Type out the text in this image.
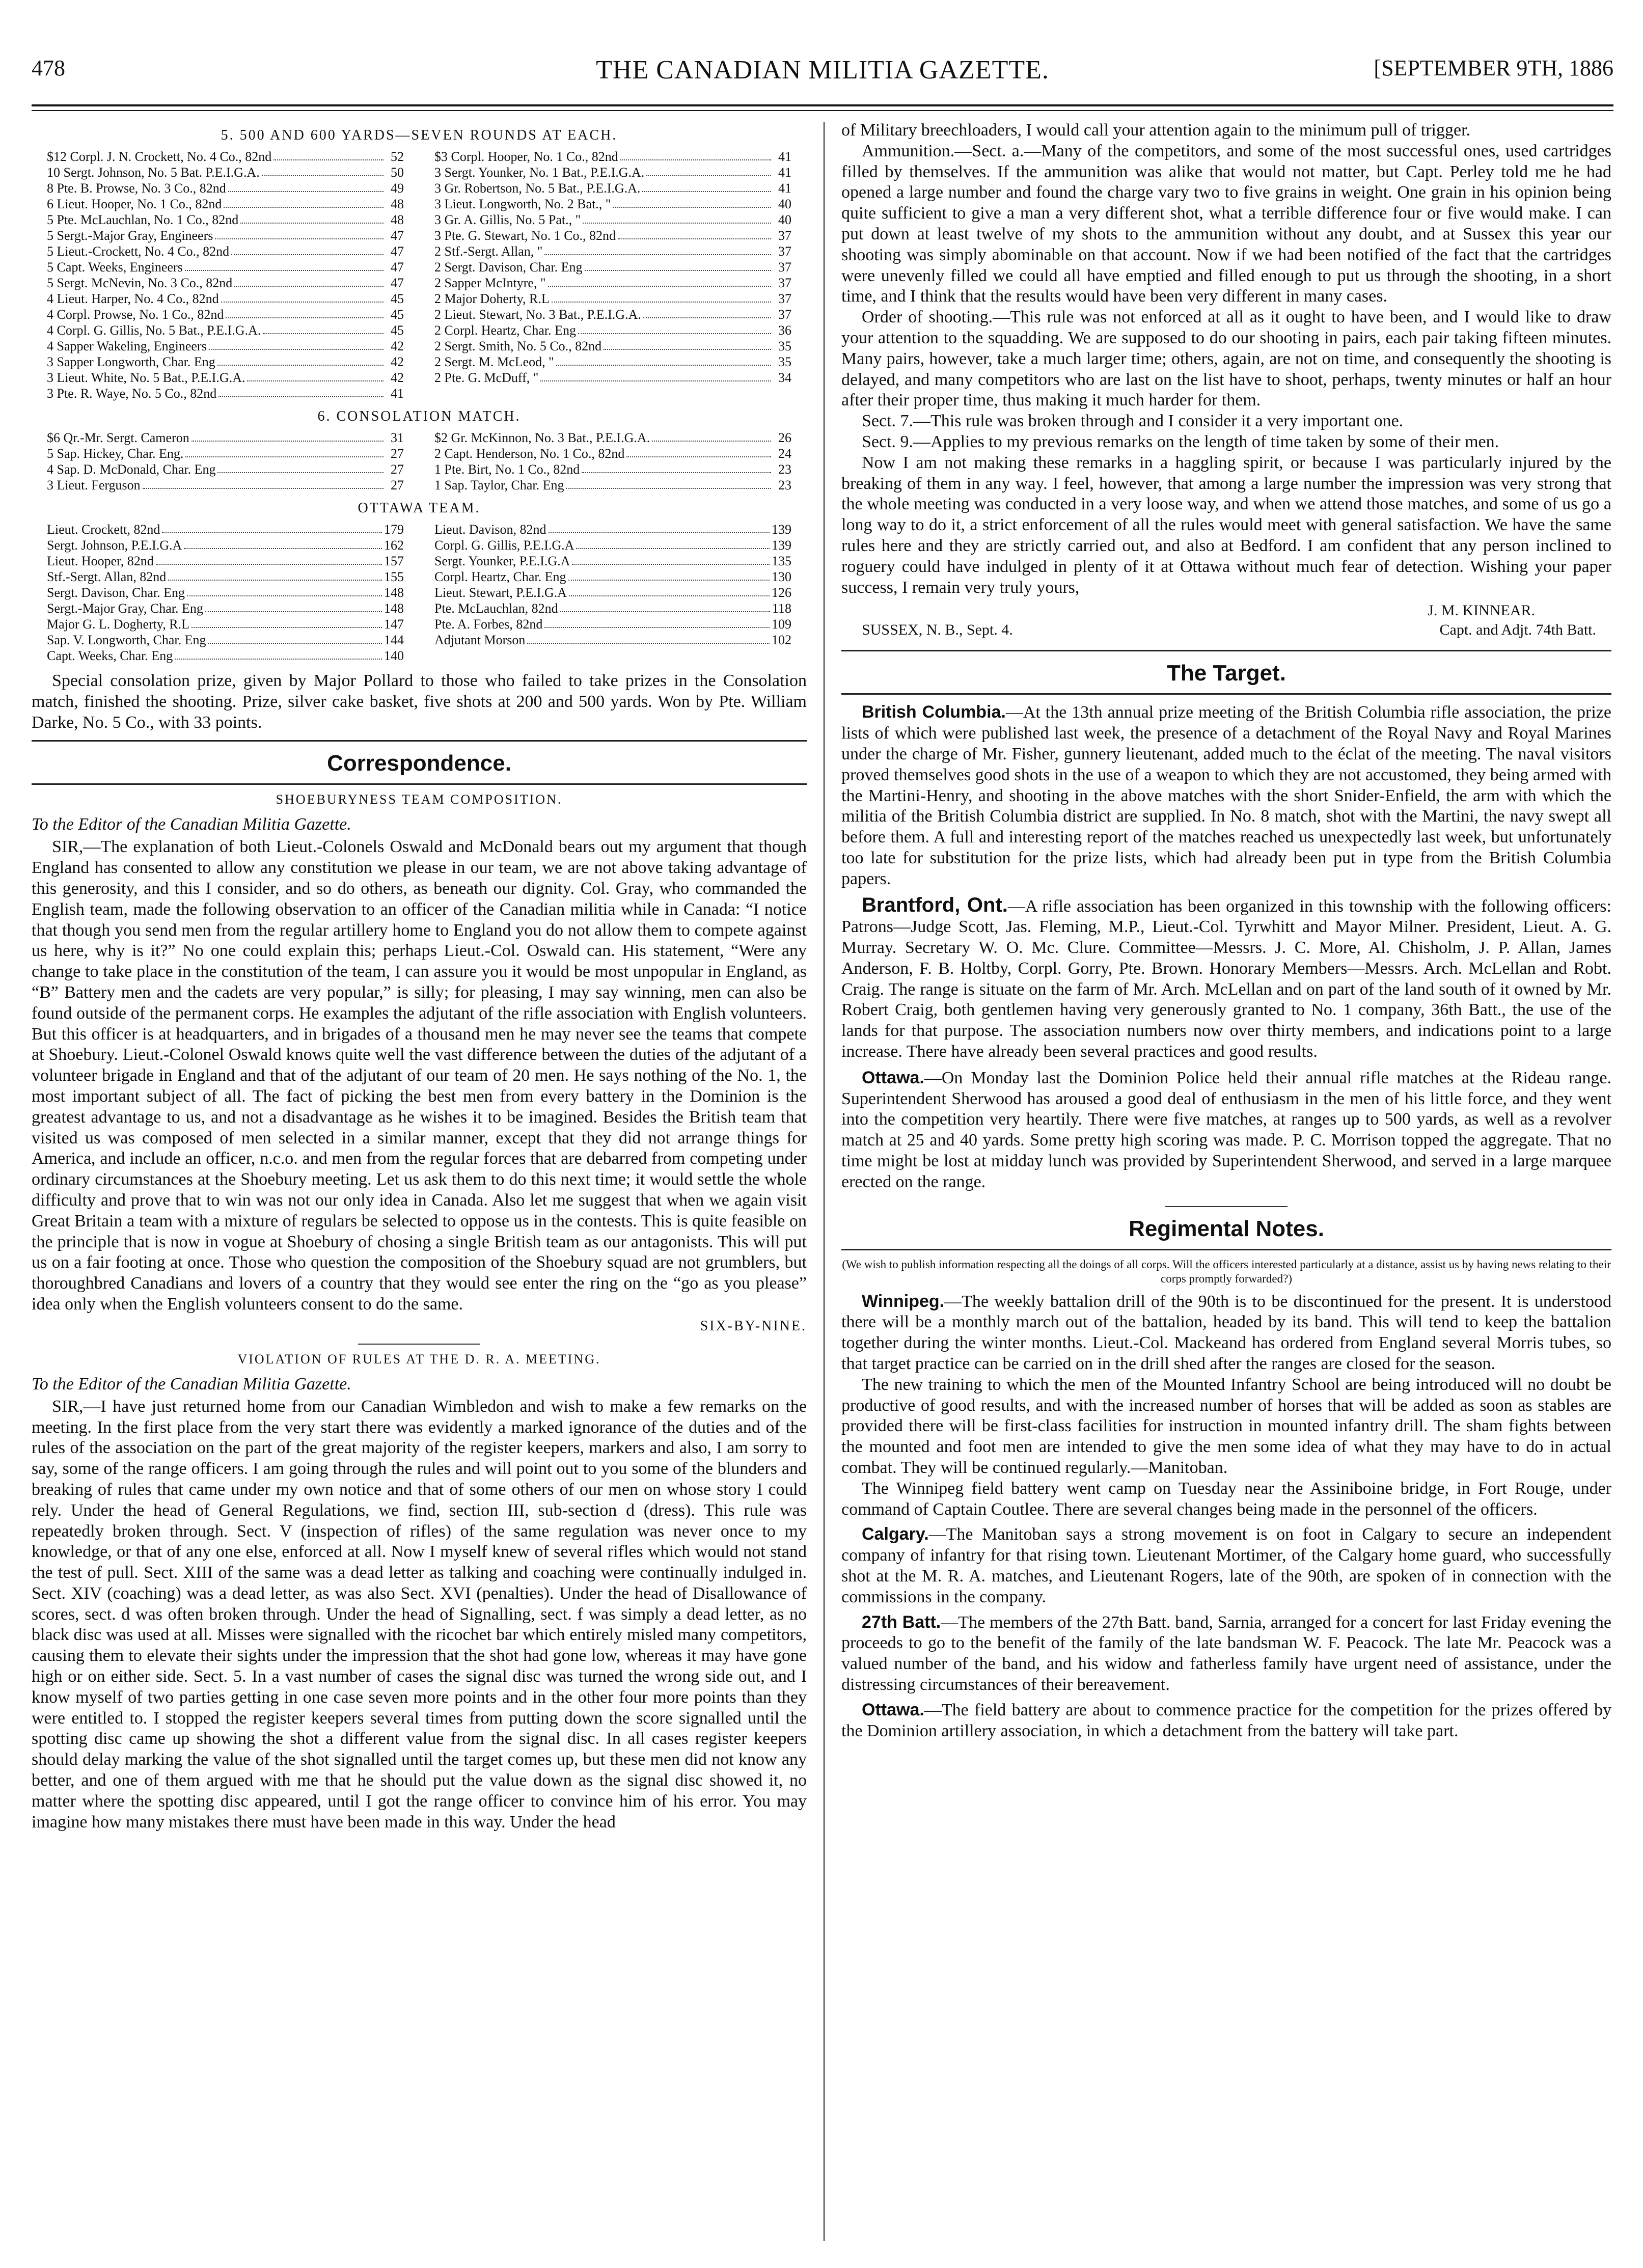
478	THE CANADIAN MILITIA GAZETTE.	[SEPTEMBER 9TH, 1886
5. 500 AND 600 YARDS—SEVEN ROUNDS AT EACH.
$12 Corpl. J. N. Crockett, No. 4 Co., 82nd	52
10 Sergt. Johnson, No. 5 Bat. P.E.I.G.A.	50
8 Pte. B. Prowse, No. 3 Co., 82nd	49
6 Lieut. Hooper, No. 1 Co., 82nd	48
5 Pte. McLauchlan, No. 1 Co., 82nd	48
5 Sergt.-Major Gray, Engineers	47
5 Lieut.-Crockett, No. 4 Co., 82nd	47
5 Capt. Weeks, Engineers	47
5 Sergt. McNevin, No. 3 Co., 82nd	47
4 Lieut. Harper, No. 4 Co., 82nd	45
4 Corpl. Prowse, No. 1 Co., 82nd	45
4 Corpl. G. Gillis, No. 5 Bat., P.E.I.G.A.	45
4 Sapper Wakeling, Engineers	42
3 Sapper Longworth, Char. Eng	42
3 Lieut. White, No. 5 Bat., P.E.I.G.A.	42
3 Pte. R. Waye, No. 5 Co., 82nd	41
$3 Corpl. Hooper, No. 1 Co., 82nd	41
3 Sergt. Younker, No. 1 Bat., P.E.I.G.A.	41
3 Gr. Robertson, No. 5 Bat., P.E.I.G.A.	41
3 Lieut. Longworth, No. 2 Bat., "	40
3 Gr. A. Gillis, No. 5 Pat., "	40
3 Pte. G. Stewart, No. 1 Co., 82nd	37
2 Stf.-Sergt. Allan, "	37
2 Sergt. Davison, Char. Eng	37
2 Sapper McIntyre, "	37
2 Major Doherty, R.L	37
2 Lieut. Stewart, No. 3 Bat., P.E.I.G.A.	37
2 Corpl. Heartz, Char. Eng	36
2 Sergt. Smith, No. 5 Co., 82nd	35
2 Sergt. M. McLeod, "	35
2 Pte. G. McDuff, "	34
6. CONSOLATION MATCH.
$6 Qr.-Mr. Sergt. Cameron	31
5 Sap. Hickey, Char. Eng.	27
4 Sap. D. McDonald, Char. Eng	27
3 Lieut. Ferguson	27
$2 Gr. McKinnon, No. 3 Bat., P.E.I.G.A.	26
2 Capt. Henderson, No. 1 Co., 82nd	24
1 Pte. Birt, No. 1 Co., 82nd	23
1 Sap. Taylor, Char. Eng	23
OTTAWA TEAM.
Lieut. Crockett, 82nd	179
Sergt. Johnson, P.E.I.G.A	162
Lieut. Hooper, 82nd	157
Stf.-Sergt. Allan, 82nd	155
Sergt. Davison, Char. Eng	148
Sergt.-Major Gray, Char. Eng	148
Major G. L. Dogherty, R.L	147
Sap. V. Longworth, Char. Eng	144
Capt. Weeks, Char. Eng	140
Lieut. Davison, 82nd	139
Corpl. G. Gillis, P.E.I.G.A	139
Sergt. Younker, P.E.I.G.A	135
Corpl. Heartz, Char. Eng	130
Lieut. Stewart, P.E.I.G.A	126
Pte. McLauchlan, 82nd	118
Pte. A. Forbes, 82nd	109
Adjutant Morson	102

Special consolation prize, given by Major Pollard to those who failed to take prizes in the Consolation match, finished the shooting. Prize, silver cake basket, five shots at 200 and 500 yards. Won by Pte. William Darke, No. 5 Co., with 33 points.

Correspondence.
SHOEBURYNESS TEAM COMPOSITION.
To the Editor of the Canadian Militia Gazette.

SIR,—The explanation of both Lieut.-Colonels Oswald and McDonald bears out my argument that though England has consented to allow any constitution we please in our team, we are not above taking advantage of this generosity, and this I consider, and so do others, as beneath our dignity. Col. Gray, who commanded the English team, made the following observation to an officer of the Canadian militia while in Canada: “I notice that though you send men from the regular artillery home to England you do not allow them to compete against us here, why is it?” No one could explain this; perhaps Lieut.-Col. Oswald can. His statement, “Were any change to take place in the constitution of the team, I can assure you it would be most unpopular in England, as “B” Battery men and the cadets are very popular,” is silly; for pleasing, I may say winning, men can also be found outside of the permanent corps. He examples the adjutant of the rifle association with English volunteers. But this officer is at headquarters, and in brigades of a thousand men he may never see the teams that compete at Shoebury. Lieut.-Colonel Oswald knows quite well the vast difference between the duties of the adjutant of a volunteer brigade in England and that of the adjutant of our team of 20 men. He says nothing of the No. 1, the most important subject of all. The fact of picking the best men from every battery in the Dominion is the greatest advantage to us, and not a disadvantage as he wishes it to be imagined. Besides the British team that visited us was composed of men selected in a similar manner, except that they did not arrange things for America, and include an officer, n.c.o. and men from the regular forces that are debarred from competing under ordinary circumstances at the Shoebury meeting. Let us ask them to do this next time; it would settle the whole difficulty and prove that to win was not our only idea in Canada. Also let me suggest that when we again visit Great Britain a team with a mixture of regulars be selected to oppose us in the contests. This is quite feasible on the principle that is now in vogue at Shoebury of chosing a single British team as our antagonists. This will put us on a fair footing at once. Those who question the composition of the Shoebury squad are not grumblers, but thoroughbred Canadians and lovers of a country that they would see enter the ring on the “go as you please” idea only when the English volunteers consent to do the same.

SIX-BY-NINE.
VIOLATION OF RULES AT THE D. R. A. MEETING.
To the Editor of the Canadian Militia Gazette.

SIR,—I have just returned home from our Canadian Wimbledon and wish to make a few remarks on the meeting. In the first place from the very start there was evidently a marked ignorance of the duties and of the rules of the association on the part of the great majority of the register keepers, markers and also, I am sorry to say, some of the range officers. I am going through the rules and will point out to you some of the blunders and breaking of rules that came under my own notice and that of some others of our men on whose story I could rely. Under the head of General Regulations, we find, section III, sub-section d (dress). This rule was repeatedly broken through. Sect. V (inspection of rifles) of the same regulation was never once to my knowledge, or that of any one else, enforced at all. Now I myself knew of several rifles which would not stand the test of pull. Sect. XIII of the same was a dead letter as talking and coaching were continually indulged in. Sect. XIV (coaching) was a dead letter, as was also Sect. XVI (penalties). Under the head of Disallowance of scores, sect. d was often broken through. Under the head of Signalling, sect. f was simply a dead letter, as no black disc was used at all. Misses were signalled with the ricochet bar which entirely misled many competitors, causing them to elevate their sights under the impression that the shot had gone low, whereas it may have gone high or on either side. Sect. 5. In a vast number of cases the signal disc was turned the wrong side out, and I know myself of two parties getting in one case seven more points and in the other four more points than they were entitled to. I stopped the register keepers several times from putting down the score signalled until the spotting disc came up showing the shot a different value from the signal disc. In all cases register keepers should delay marking the value of the shot signalled until the target comes up, but these men did not know any better, and one of them argued with me that he should put the value down as the signal disc showed it, no matter where the spotting disc appeared, until I got the range officer to convince him of his error. You may imagine how many mistakes there must have been made in this way. Under the head

of Military breechloaders, I would call your attention again to the minimum pull of trigger.

Ammunition.—Sect. a.—Many of the competitors, and some of the most successful ones, used cartridges filled by themselves. If the ammunition was alike that would not matter, but Capt. Perley told me he had opened a large number and found the charge vary two to five grains in weight. One grain in his opinion being quite sufficient to give a man a very different shot, what a terrible difference four or five would make. I can put down at least twelve of my shots to the ammunition without any doubt, and at Sussex this year our shooting was simply abominable on that account. Now if we had been notified of the fact that the cartridges were unevenly filled we could all have emptied and filled enough to put us through the shooting, in a short time, and I think that the results would have been very different in many cases.

Order of shooting.—This rule was not enforced at all as it ought to have been, and I would like to draw your attention to the squadding. We are supposed to do our shooting in pairs, each pair taking fifteen minutes. Many pairs, however, take a much larger time; others, again, are not on time, and consequently the shooting is delayed, and many competitors who are last on the list have to shoot, perhaps, twenty minutes or half an hour after their proper time, thus making it much harder for them.

Sect. 7.—This rule was broken through and I consider it a very important one.

Sect. 9.—Applies to my previous remarks on the length of time taken by some of their men.

Now I am not making these remarks in a haggling spirit, or because I was particularly injured by the breaking of them in any way. I feel, however, that among a large number the impression was very strong that the whole meeting was conducted in a very loose way, and when we attend those matches, and some of us go a long way to do it, a strict enforcement of all the rules would meet with general satisfaction. We have the same rules here and they are strictly carried out, and also at Bedford. I am confident that any person inclined to roguery could have indulged in plenty of it at Ottawa without much fear of detection. Wishing your paper success, I remain very truly yours,

J. M. KINNEAR.
SUSSEX, N. B., Sept. 4.	Capt. and Adjt. 74th Batt.
The Target.

British Columbia.—At the 13th annual prize meeting of the British Columbia rifle association, the prize lists of which were published last week, the presence of a detachment of the Royal Navy and Royal Marines under the charge of Mr. Fisher, gunnery lieutenant, added much to the éclat of the meeting. The naval visitors proved themselves good shots in the use of a weapon to which they are not accustomed, they being armed with the Martini-Henry, and shooting in the above matches with the short Snider-Enfield, the arm with which the militia of the British Columbia district are supplied. In No. 8 match, shot with the Martini, the navy swept all before them. A full and interesting report of the matches reached us unexpectedly last week, but unfortunately too late for substitution for the prize lists, which had already been put in type from the British Columbia papers.

Brantford, Ont.—A rifle association has been organized in this township with the following officers: Patrons—Judge Scott, Jas. Fleming, M.P., Lieut.-Col. Tyrwhitt and Mayor Milner. President, Lieut. A. G. Murray. Secretary W. O. Mc. Clure. Committee—Messrs. J. C. More, Al. Chisholm, J. P. Allan, James Anderson, F. B. Holtby, Corpl. Gorry, Pte. Brown. Honorary Members—Messrs. Arch. McLellan and Robt. Craig. The range is situate on the farm of Mr. Arch. McLellan and on part of the land south of it owned by Mr. Robert Craig, both gentlemen having very generously granted to No. 1 company, 36th Batt., the use of the lands for that purpose. The association numbers now over thirty members, and indications point to a large increase. There have already been several practices and good results.

Ottawa.—On Monday last the Dominion Police held their annual rifle matches at the Rideau range. Superintendent Sherwood has aroused a good deal of enthusiasm in the men of his little force, and they went into the competition very heartily. There were five matches, at ranges up to 500 yards, as well as a revolver match at 25 and 40 yards. Some pretty high scoring was made. P. C. Morrison topped the aggregate. That no time might be lost at midday lunch was provided by Superintendent Sherwood, and served in a large marquee erected on the range.

Regimental Notes.
(We wish to publish information respecting all the doings of all corps. Will the officers interested particularly at a distance, assist us by having news relating to their corps promptly forwarded?)

Winnipeg.—The weekly battalion drill of the 90th is to be discontinued for the present. It is understood there will be a monthly march out of the battalion, headed by its band. This will tend to keep the battalion together during the winter months. Lieut.-Col. Mackeand has ordered from England several Morris tubes, so that target practice can be carried on in the drill shed after the ranges are closed for the season.

The new training to which the men of the Mounted Infantry School are being introduced will no doubt be productive of good results, and with the increased number of horses that will be added as soon as stables are provided there will be first-class facilities for instruction in mounted infantry drill. The sham fights between the mounted and foot men are intended to give the men some idea of what they may have to do in actual combat. They will be continued regularly.—Manitoban.

The Winnipeg field battery went camp on Tuesday near the Assiniboine bridge, in Fort Rouge, under command of Captain Coutlee. There are several changes being made in the personnel of the officers.

Calgary.—The Manitoban says a strong movement is on foot in Calgary to secure an independent company of infantry for that rising town. Lieutenant Mortimer, of the Calgary home guard, who successfully shot at the M. R. A. matches, and Lieutenant Rogers, late of the 90th, are spoken of in connection with the commissions in the company.

27th Batt.—The members of the 27th Batt. band, Sarnia, arranged for a concert for last Friday evening the proceeds to go to the benefit of the family of the late bandsman W. F. Peacock. The late Mr. Peacock was a valued number of the band, and his widow and fatherless family have urgent need of assistance, under the distressing circumstances of their bereavement.

Ottawa.—The field battery are about to commence practice for the competition for the prizes offered by the Dominion artillery association, in which a detachment from the battery will take part.
